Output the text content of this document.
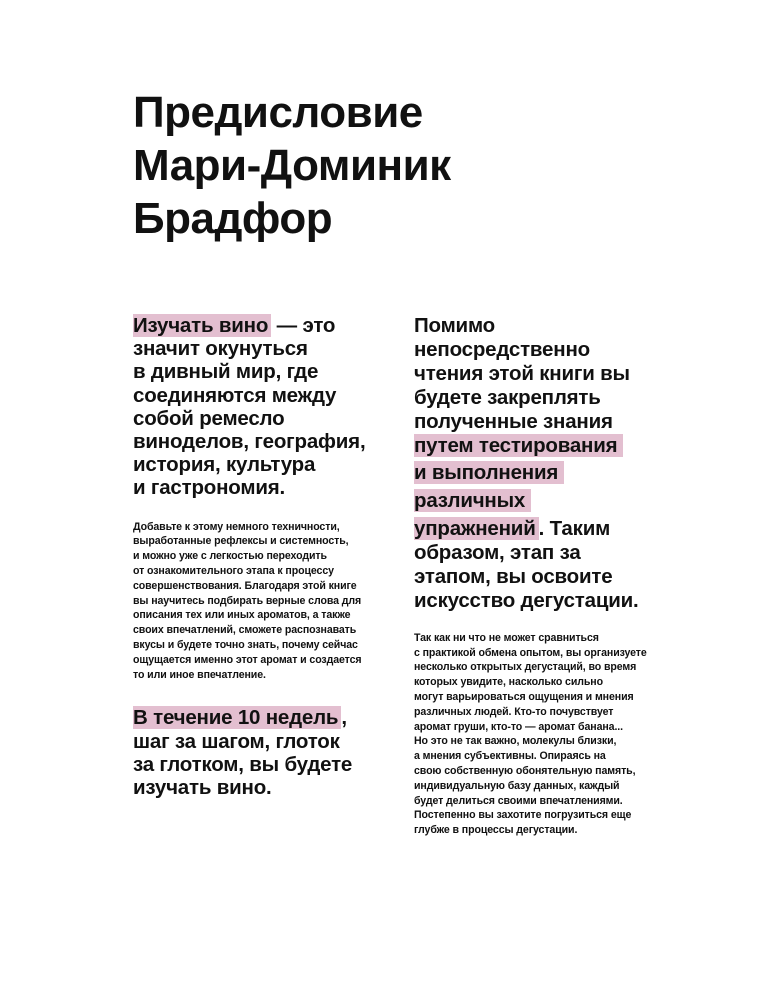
Предисловие
Мари-Доминик
Брадфор

Изучать вино — это
значит окунуться
в дивный мир, где
соединяются между
собой ремесло
виноделов, география,
история, культура
и гастрономия.

Добавьте к этому немного техничности,
выработанные рефлексы и системность,
и можно уже с легкостью переходить
от ознакомительного этапа к процессу
совершенствования. Благодаря этой книге
вы научитесь подбирать верные слова для
описания тех или иных ароматов, а также
своих впечатлений, сможете распознавать
вкусы и будете точно знать, почему сейчас
ощущается именно этот аромат и создается
то или иное впечатление.

В течение 10 недель ,
шаг за шагом, глоток
за глотком, вы будете
изучать вино.

Помимо
непосредственно
чтения этой книги вы
будете закреплять
полученные знания
путем тестирования
и выполнения
различных
упражнений . Таким
образом, этап за
этапом, вы освоите
искусство дегустации.

Так как ни что не может сравниться
с практикой обмена опытом, вы организуете
несколько открытых дегустаций, во время
которых увидите, насколько сильно
могут варьироваться ощущения и мнения
различных людей. Кто-то почувствует
аромат груши, кто-то — аромат банана...
Но это не так важно, молекулы близки,
а мнения субъективны. Опираясь на
свою собственную обонятельную память,
индивидуальную базу данных, каждый
будет делиться своими впечатлениями.
Постепенно вы захотите погрузиться еще
глубже в процессы дегустации.
